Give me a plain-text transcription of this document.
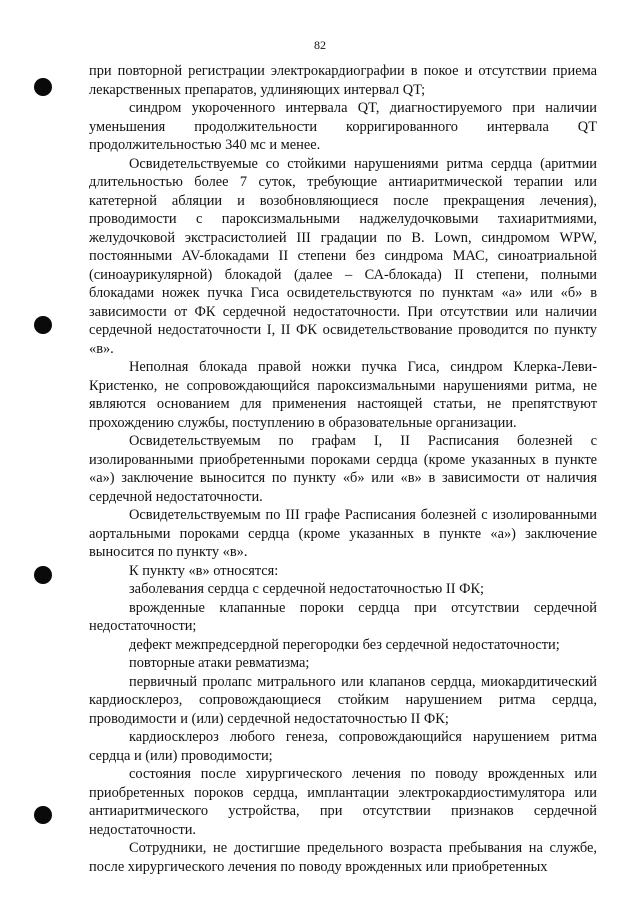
82

при повторной регистрации электрокардиографии в покое и отсутствии приема лекарственных препаратов, удлиняющих интервал QT;

синдром укороченного интервала QT, диагностируемого при наличии уменьшения продолжительности корригированного интервала QT продолжительностью 340 мс и менее.

Освидетельствуемые со стойкими нарушениями ритма сердца (аритмии длительностью более 7 суток, требующие антиаритмической терапии или катетерной абляции и возобновляющиеся после прекращения лечения), проводимости с пароксизмальными наджелудочковыми тахиаритмиями, желудочковой экстрасистолией III градации по B. Lown, синдромом WPW, постоянными AV-блокадами II степени без синдрома МАС, синоатриальной (синоаурикулярной) блокадой (далее – СА-блокада) II степени, полными блокадами ножек пучка Гиса освидетельствуются по пунктам «а» или «б» в зависимости от ФК сердечной недостаточности. При отсутствии или наличии сердечной недостаточности I, II ФК освидетельствование проводится по пункту «в».

Неполная блокада правой ножки пучка Гиса, синдром Клерка-Леви-Кристенко, не сопровождающийся пароксизмальными нарушениями ритма, не являются основанием для применения настоящей статьи, не препятствуют прохождению службы, поступлению в образовательные организации.

Освидетельствуемым по графам I, II Расписания болезней с изолированными приобретенными пороками сердца (кроме указанных в пункте «а») заключение выносится по пункту «б» или «в» в зависимости от наличия сердечной недостаточности.

Освидетельствуемым по III графе Расписания болезней с изолированными аортальными пороками сердца (кроме указанных в пункте «а») заключение выносится по пункту «в».

К пункту «в» относятся:

заболевания сердца с сердечной недостаточностью II ФК;

врожденные клапанные пороки сердца при отсутствии сердечной недостаточности;

дефект межпредсердной перегородки без сердечной недостаточности;

повторные атаки ревматизма;

первичный пролапс митрального или клапанов сердца, миокардитический кардиосклероз, сопровождающиеся стойким нарушением ритма сердца, проводимости и (или) сердечной недостаточностью II ФК;

кардиосклероз любого генеза, сопровождающийся нарушением ритма сердца и (или) проводимости;

состояния после хирургического лечения по поводу врожденных или приобретенных пороков сердца, имплантации электрокардиостимулятора или антиаритмического устройства, при отсутствии признаков сердечной недостаточности.

Сотрудники, не достигшие предельного возраста пребывания на службе, после хирургического лечения по поводу врожденных или приобретенных
